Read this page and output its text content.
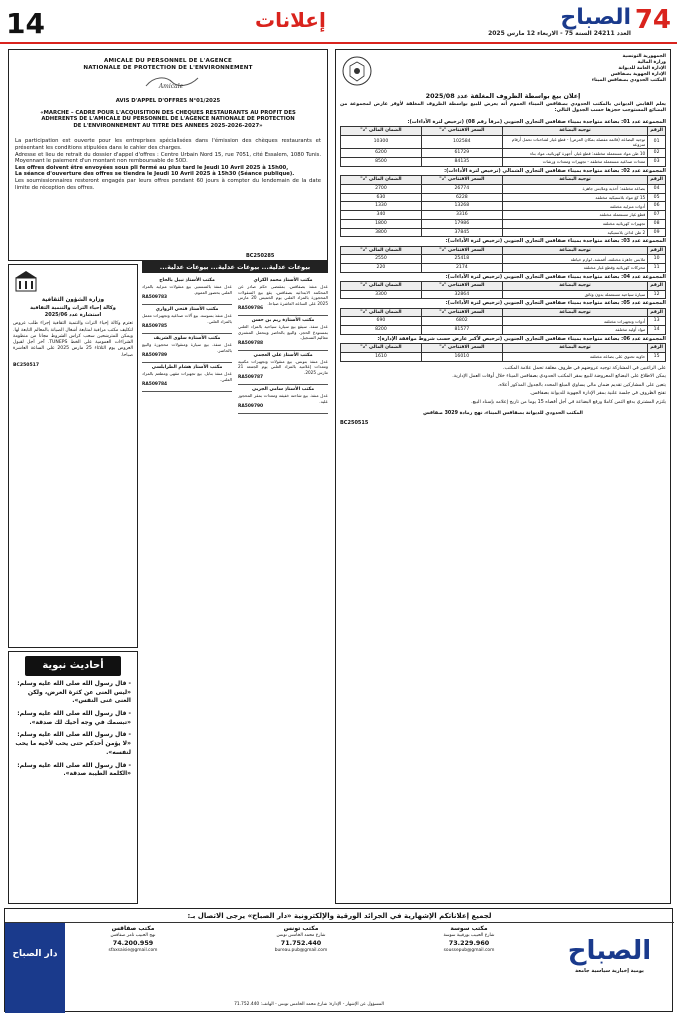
14	إعلانات	74
الصباح
العدد 24211 السنة 75 - الاربعاء 12 مارس 2025
AMICALE DU PERSONNEL DE L'AGENCE
NATIONALE DE PROTECTION DE L'ENVIRONNEMENT
Amicale
AVIS D'APPEL D'OFFRES N°01/2025
«MARCHE – CADRE POUR L'ACQUISITION DES CHEQUES RESTAURANTS AU PROFIT DES ADHERENTS DE L'AMICALE DU PERSONNEL DE L'AGENCE NATIONALE DE PROTECTION DE L'ENVIRONNEMENT AU TITRE DES ANNEES 2025-2026-2027»
La participation est ouverte pour les entreprises spécialisées dans l'émission des chèques restaurants et présentant les conditions stipulées dans le cahier des charges.
Adresse et lieu de retrait du dossier d'appel d'offres : Centre Urbain Nord 15, rue 7051, cité Essalem, 1080 Tunis. Moyennant le paiement d'un montant non remboursable de 50D.
Les offres doivent être envoyées sous pli fermé au plus tard le Jeudi 10 Avril 2025 à 15h00,
La séance d'ouverture des offres se tiendra le Jeudi 10 Avril 2025 à 15h30 (Séance publique).
Les soumissionnaires resteront engagés par leurs offres pendant 60 jours à compter du lendemain de la date limite de réception des offres.
BC250285
الجمهورية التونسية
وزارة المالية
الإدارة العامة للديوانة
الإدارة الجهوية بصفاقس
المكتب الحدودي بصفاقس الميناء
إعلان بيع بواسطة الظروف المغلقة عدد 2025/08
يعلم القابض الديواني بالمكتب الحدودي بصفاقس الميناء العموم أنه يعرض للبيع بواسطة الظروف المغلقة لأوفر عارض لمجموعة من البضائع المستوجب حجزها حسب الجدول التالي:
المجموعة عدد 01: بضاعة متواجدة بميناء صفاقس التجاري الجنوبي (مرفأ رقم 08) (ترخيص لترة الأداءات):
الرقم	توجيه البضاعة	السعر الافتتاحي "د"	الضمان المالي "د"
01	توجيه البضاعة (قائمة مفصلة بمكان العرض) - قطع غيار لشاحنات تحمل أرقام منزوعة	102584	10300
02	10 طن مواد مستعملة مختلفة: قطع غيار، أجهزة كهربائية، مواد بناء	61729	6200
03	معدات صناعية مستعملة مختلفة - تجهيزات ومعدات ورشات	84135	8500
المجموعة عدد 02: بضاعة متواجدة بميناء صفاقس التجاري الشمالي (ترخيص لترة الأداءات):
الرقم	توجيه البضاعة	السعر الافتتاحي "د"	الضمان المالي "د"
04	بضاعة مختلفة: أحذية وملابس جاهزة	26774	2700
05	15 كغ مواد بلاستيكية مختلفة	6228	630
06	أدوات منزلية مختلفة	13268	1330
07	قطع غيار مستعملة مختلفة	3316	340
08	تجهيزات كهربائية مختلفة	17986	1800
09	2 طن لدائن بلاستيكية	37845	3800
المجموعة عدد 03: بضاعة متواجدة بميناء صفاقس التجاري الجنوبي (ترخيص لترة الأداءات):
الرقم	توجيه البضاعة	السعر الافتتاحي "د"	الضمان المالي "د"
10	ملابس جاهزة مختلفة، أقمشة، لوازم خياطة	25418	2550
11	محركات كهربائية وقطع غيار مختلفة	2174	220
المجموعة عدد 04: بضاعة متواجدة بميناء صفاقس التجاري الجنوبي (ترخيص لترة الأداءات):
الرقم	توجيه البضاعة	السعر الافتتاحي "د"	الضمان المالي "د"
12	سيارة سياحية مستعملة بدون وثائق	32864	3300
المجموعة عدد 05: بضاعة متواجدة بميناء صفاقس التجاري الجنوبي (ترخيص لترة الأداءات):
الرقم	توجيه البضاعة	السعر الافتتاحي "د"	الضمان المالي "د"
13	أدوات وتجهيزات مختلفة	6802	690
14	مواد أولية مختلفة	81577	8200
المجموعة عدد 06: بضاعة متواجدة بميناء صفاقس التجاري الجنوبي (ترخيص لأكبر عارض حسب شروط موافقة الإدارة):
الرقم	توجيه البضاعة	السعر الافتتاحي "د"	الضمان المالي "د"
15	حاوية تحتوي على بضاعة مختلفة	16010	1610
على الراغبين في المشاركة توجيه عروضهم في ظروف مغلقة تحمل علامة المكتب.
يمكن الاطلاع على البضائع المعروضة للبيع بمقر المكتب الحدودي بصفاقس الميناء خلال أوقات العمل الإدارية.
يتعين على المشاركين تقديم ضمان مالي يساوي المبلغ المحدد بالجدول المذكور أعلاه.
تفتح الظروف في جلسة علنية بمقر الإدارة الجهوية للديوانة بصفاقس.
يلتزم المشتري بدفع الثمن كاملا ورفع البضاعة في أجل أقصاه 15 يوما من تاريخ إعلامه بإسناد البيع.
المكتب الحدودي للديوانة بصفاقس الميناء، نهج رمادة 3029 صفاقس
BC250515
بيوعات عدلية... بيوعات عدلية... بيوعات عدلية...
مكتب الأستاذ محمد الكراي
عدل منفذ بصفاقس. بمقتضى حكم صادر عن المحكمة الابتدائية بصفاقس، يقع بيع المنقولات المحجوزة بالمزاد العلني يوم الخميس 20 مارس 2025 على الساعة العاشرة صباحا.
RA509786
مكتب الأستاذة ريم بن حسن
عدل منفذ. سيقع بيع سيارة سياحية بالمزاد العلني بمستودع الحجز، والبيع بالحاضر ويتحمل المشتري معاليم التسجيل.
RA509788
مكتب الأستاذ علي العجمي
عدل منفذ بتونس. بيع منقولات وتجهيزات مكتبية ومعدات إعلامية بالمزاد العلني يوم الجمعة 21 مارس 2025.
RA509787
مكتب الأستاذ سامي الجربي
عدل منفذ. بيع شاحنة خفيفة ومعدات بمقر المحجوز عليه.
RA509790
مكتب الأستاذ نبيل بالحاج
عدل منفذ بالمنستير. بيع منقولات منزلية بالمزاد العلني بحضور العموم.
RA509783
مكتب الأستاذ فتحي الزواري
عدل منفذ بسوسة. بيع آلات صناعية وتجهيزات معمل بالمزاد العلني.
RA509785
مكتب الأستاذة سلوى الشريف
عدل منفذ. بيع سيارة ومنقولات محجوزة والبيع بالحاضر.
RA509789
مكتب الأستاذ هشام الطرابلسي
عدل منفذ بنابل. بيع تجهيزات مقهى ومطعم بالمزاد العلني.
RA509784
وزارة الشؤون الثقافية
وكالة إحياء التراث والتنمية الثقافية
استشارة عدد 2025/06
تعتزم وكالة إحياء التراث والتنمية الثقافية إجراء طلب عروض لتكليف مكتب مراقبة لمتابعة أشغال الصيانة بالمعالم التابعة لها. ويمكن للمترشحين سحب كراس الشروط مجانا من منظومة الشراءات العمومية على الخط TUNEPS. آخر أجل لقبول العروض يوم الثلاثاء 25 مارس 2025 على الساعة العاشرة صباحا.
BC250517
أحاديث نبوية
- قال رسول الله صلى الله عليه وسلم: «ليس الغنى عن كثرة العرض، ولكن الغنى غنى النفس».
- قال رسول الله صلى الله عليه وسلم: «تبسمك في وجه أخيك لك صدقة».
- قال رسول الله صلى الله عليه وسلم: «لا يؤمن أحدكم حتى يحب لأخيه ما يحب لنفسه».
- قال رسول الله صلى الله عليه وسلم: «الكلمة الطيبة صدقة».
لجميع إعلاناتكم الإشهارية في الجرائد الورقية والإلكترونية «دار الصباح» يرجى الاتصال بـ:
دار الصباح
مكتب صفاقس
نهج الحبيب ثامر صفاقس
74.200.959
sfaxsaisie@gmail.com
مكتب تونس
شارع محمد الخامس تونس
71.752.440
bureau.pub@gmail.com
مكتب سوسة
شارع الحبيب بورقيبة سوسة
73.229.960
soussepub@gmail.com	الصباح
يومية إخبارية سياسية جامعة
المسؤول عن الإشهار - الإدارة: شارع محمد الخامس تونس - الهاتف: 71.752.440
